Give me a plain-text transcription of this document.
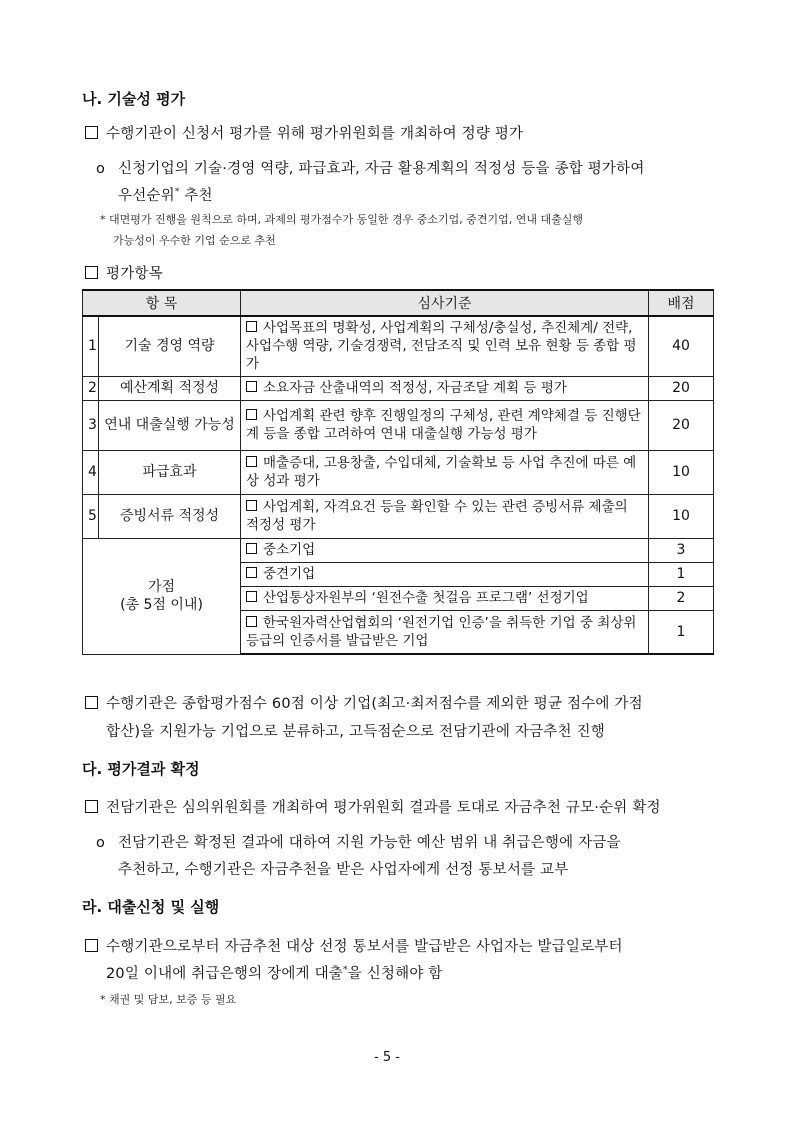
나. 기술성 평가
수행기관이 신청서 평가를 위해 평가위원회를 개최하여 정량 평가
o 신청기업의 기술·경영 역량, 파급효과, 자금 활용계획의 적정성 등을 종합 평가하여
우선순위* 추천
* 대면평가 진행을 원칙으로 하며, 과제의 평가점수가 동일한 경우 중소기업, 중견기업, 연내 대출실행
가능성이 우수한 기업 순으로 추천
평가항목
항 목		심사기준	배점
1	기술 경영 역량	사업목표의 명확성, 사업계획의 구체성/충실성, 추진체계/ 전략, 사업수행 역량, 기술경쟁력, 전담조직 및 인력 보유 현황 등 종합 평가	40
2	예산계획 적정성	소요자금 산출내역의 적정성, 자금조달 계획 등 평가	20
3	연내 대출실행 가능성	사업계획 관련 향후 진행일정의 구체성, 관련 계약체결 등 진행단계 등을 종합 고려하여 연내 대출실행 가능성 평가	20
4	파급효과	매출증대, 고용창출, 수입대체, 기술확보 등 사업 추진에 따른 예상 성과 평가	10
5	증빙서류 적정성	사업계획, 자격요건 등을 확인할 수 있는 관련 증빙서류 제출의 적정성 평가	10

가점
(총 5점 이내)		중소기업	3
		중견기업	1
		산업통상자원부의 ‘원전수출 첫걸음 프로그램’ 선정기업	2
		한국원자력산업협회의 ‘원전기업 인증’을 취득한 기업 중 최상위 등급의 인증서를 발급받은 기업	1
수행기관은 종합평가점수 60점 이상 기업(최고·최저점수를 제외한 평균 점수에 가점
합산)을 지원가능 기업으로 분류하고, 고득점순으로 전담기관에 자금추천 진행
다. 평가결과 확정
전담기관은 심의위원회를 개최하여 평가위원회 결과를 토대로 자금추천 규모·순위 확정
o 전담기관은 확정된 결과에 대하여 지원 가능한 예산 범위 내 취급은행에 자금을
추천하고, 수행기관은 자금추천을 받은 사업자에게 선정 통보서를 교부
라. 대출신청 및 실행
수행기관으로부터 자금추천 대상 선정 통보서를 발급받은 사업자는 발급일로부터
20일 이내에 취급은행의 장에게 대출*을 신청해야 함
* 채권 및 담보, 보증 등 필요
- 5 -
